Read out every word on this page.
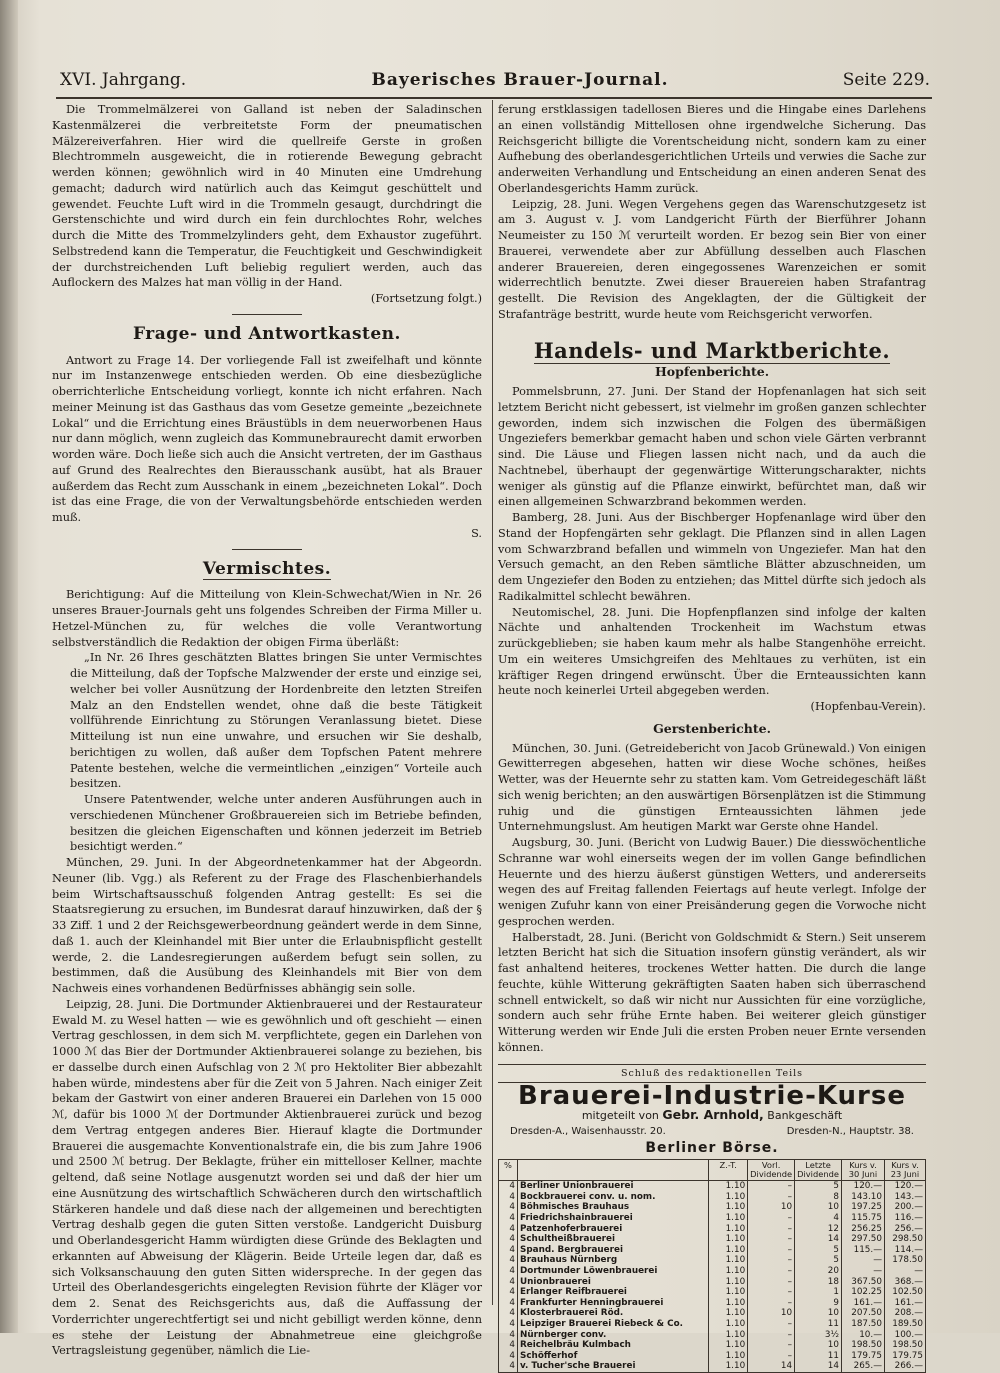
XVI. Jahrgang.	Bayerisches Brauer-Journal.	Seite 229.

Die Trommelmälzerei von Galland ist neben der Saladinschen Kastenmälzerei die verbreitetste Form der pneumatischen Mälzereiverfahren. Hier wird die quellreife Gerste in großen Blechtrommeln ausgeweicht, die in rotierende Bewegung gebracht werden können; gewöhnlich wird in 40 Minuten eine Umdrehung gemacht; dadurch wird natürlich auch das Keimgut geschüttelt und gewendet. Feuchte Luft wird in die Trommeln gesaugt, durchdringt die Gerstenschichte und wird durch ein fein durchlochtes Rohr, welches durch die Mitte des Trommelzylinders geht, dem Exhaustor zugeführt. Selbstredend kann die Temperatur, die Feuchtigkeit und Geschwindigkeit der durchstreichenden Luft beliebig reguliert werden, auch das Auflockern des Malzes hat man völlig in der Hand.

(Fortsetzung folgt.)

Frage- und Antwortkasten.

Antwort zu Frage 14. Der vorliegende Fall ist zweifelhaft und könnte nur im Instanzenwege entschieden werden. Ob eine diesbezügliche oberrichterliche Entscheidung vorliegt, konnte ich nicht erfahren. Nach meiner Meinung ist das Gasthaus das vom Gesetze gemeinte „bezeichnete Lokal“ und die Errichtung eines Bräustübls in dem neuerworbenen Haus nur dann möglich, wenn zugleich das Kommunebraurecht damit erworben worden wäre. Doch ließe sich auch die Ansicht vertreten, der im Gasthaus auf Grund des Realrechtes den Bierausschank ausübt, hat als Brauer außerdem das Recht zum Ausschank in einem „bezeichneten Lokal“. Doch ist das eine Frage, die von der Verwaltungsbehörde entschieden werden muß.

S.

Vermischtes.

Berichtigung: Auf die Mitteilung von Klein-Schwechat/Wien in Nr. 26 unseres Brauer-Journals geht uns folgendes Schreiben der Firma Miller u. Hetzel-München zu, für welches die volle Verantwortung selbstverständlich die Redaktion der obigen Firma überläßt:

„In Nr. 26 Ihres geschätzten Blattes bringen Sie unter Vermischtes die Mitteilung, daß der Topfsche Malzwender der erste und einzige sei, welcher bei voller Ausnützung der Hordenbreite den letzten Streifen Malz an den Endstellen wendet, ohne daß die beste Tätigkeit vollführende Einrichtung zu Störungen Veranlassung bietet. Diese Mitteilung ist nun eine unwahre, und ersuchen wir Sie deshalb, berichtigen zu wollen, daß außer dem Topfschen Patent mehrere Patente bestehen, welche die vermeintlichen „einzigen“ Vorteile auch besitzen.

Unsere Patentwender, welche unter anderen Ausführungen auch in verschiedenen Münchener Großbrauereien sich im Betriebe befinden, besitzen die gleichen Eigenschaften und können jederzeit im Betrieb besichtigt werden.“

München, 29. Juni. In der Abgeordnetenkammer hat der Abgeordn. Neuner (lib. Vgg.) als Referent zu der Frage des Flaschenbierhandels beim Wirtschaftsausschuß folgenden Antrag gestellt: Es sei die Staatsregierung zu ersuchen, im Bundesrat darauf hinzuwirken, daß der § 33 Ziff. 1 und 2 der Reichsgewerbeordnung geändert werde in dem Sinne, daß 1. auch der Kleinhandel mit Bier unter die Erlaubnispflicht gestellt werde, 2. die Landesregierungen außerdem befugt sein sollen, zu bestimmen, daß die Ausübung des Kleinhandels mit Bier von dem Nachweis eines vorhandenen Bedürfnisses abhängig sein solle.

Leipzig, 28. Juni. Die Dortmunder Aktienbrauerei und der Restaurateur Ewald M. zu Wesel hatten — wie es gewöhnlich und oft geschieht — einen Vertrag geschlossen, in dem sich M. verpflichtete, gegen ein Darlehen von 1000 ℳ das Bier der Dortmunder Aktienbrauerei solange zu beziehen, bis er dasselbe durch einen Aufschlag von 2 ℳ pro Hektoliter Bier abbezahlt haben würde, mindestens aber für die Zeit von 5 Jahren. Nach einiger Zeit bekam der Gastwirt von einer anderen Brauerei ein Darlehen von 15 000 ℳ, dafür bis 1000 ℳ der Dortmunder Aktienbrauerei zurück und bezog dem Vertrag entgegen anderes Bier. Hierauf klagte die Dortmunder Brauerei die ausgemachte Konventionalstrafe ein, die bis zum Jahre 1906 und 2500 ℳ betrug. Der Beklagte, früher ein mittelloser Kellner, machte geltend, daß seine Notlage ausgenutzt worden sei und daß der hier um eine Ausnützung des wirtschaftlich Schwächeren durch den wirtschaftlich Stärkeren handele und daß diese nach der allgemeinen und berechtigten Vertrag deshalb gegen die guten Sitten verstoße. Landgericht Duisburg und Oberlandesgericht Hamm würdigten diese Gründe des Beklagten und erkannten auf Abweisung der Klägerin. Beide Urteile legen dar, daß es sich Volksanschauung den guten Sitten widerspreche. In der gegen das Urteil des Oberlandesgerichts eingelegten Revision führte der Kläger vor dem 2. Senat des Reichsgerichts aus, daß die Auffassung der Vorderrichter ungerechtfertigt sei und nicht gebilligt werden könne, denn es stehe der Leistung der Abnahmetreue eine gleichgroße Vertragsleistung gegenüber, nämlich die Lie-

ferung erstklassigen tadellosen Bieres und die Hingabe eines Darlehens an einen vollständig Mittellosen ohne irgendwelche Sicherung. Das Reichsgericht billigte die Vorentscheidung nicht, sondern kam zu einer Aufhebung des oberlandesgerichtlichen Urteils und verwies die Sache zur anderweiten Verhandlung und Entscheidung an einen anderen Senat des Oberlandesgerichts Hamm zurück.

Leipzig, 28. Juni. Wegen Vergehens gegen das Warenschutzgesetz ist am 3. August v. J. vom Landgericht Fürth der Bierführer Johann Neumeister zu 150 ℳ verurteilt worden. Er bezog sein Bier von einer Brauerei, verwendete aber zur Abfüllung desselben auch Flaschen anderer Brauereien, deren eingegossenes Warenzeichen er somit widerrechtlich benutzte. Zwei dieser Brauereien haben Strafantrag gestellt. Die Revision des Angeklagten, der die Gültigkeit der Strafanträge bestritt, wurde heute vom Reichsgericht verworfen.

Handels- und Marktberichte.
Hopfenberichte.

Pommelsbrunn, 27. Juni. Der Stand der Hopfenanlagen hat sich seit letztem Bericht nicht gebessert, ist vielmehr im großen ganzen schlechter geworden, indem sich inzwischen die Folgen des übermäßigen Ungeziefers bemerkbar gemacht haben und schon viele Gärten verbrannt sind. Die Läuse und Fliegen lassen nicht nach, und da auch die Nachtnebel, überhaupt der gegenwärtige Witterungscharakter, nichts weniger als günstig auf die Pflanze einwirkt, befürchtet man, daß wir einen allgemeinen Schwarzbrand bekommen werden.

Bamberg, 28. Juni. Aus der Bischberger Hopfenanlage wird über den Stand der Hopfengärten sehr geklagt. Die Pflanzen sind in allen Lagen vom Schwarzbrand befallen und wimmeln von Ungeziefer. Man hat den Versuch gemacht, an den Reben sämtliche Blätter abzuschneiden, um dem Ungeziefer den Boden zu entziehen; das Mittel dürfte sich jedoch als Radikalmittel schlecht bewähren.

Neutomischel, 28. Juni. Die Hopfenpflanzen sind infolge der kalten Nächte und anhaltenden Trockenheit im Wachstum etwas zurückgeblieben; sie haben kaum mehr als halbe Stangenhöhe erreicht. Um ein weiteres Umsichgreifen des Mehltaues zu verhüten, ist ein kräftiger Regen dringend erwünscht. Über die Ernteaussichten kann heute noch keinerlei Urteil abgegeben werden.

(Hopfenbau-Verein).

Gerstenberichte.

München, 30. Juni. (Getreidebericht von Jacob Grünewald.) Von einigen Gewitterregen abgesehen, hatten wir diese Woche schönes, heißes Wetter, was der Heuernte sehr zu statten kam. Vom Getreidegeschäft läßt sich wenig berichten; an den auswärtigen Börsenplätzen ist die Stimmung ruhig und die günstigen Ernteaussichten lähmen jede Unternehmungslust. Am heutigen Markt war Gerste ohne Handel.

Augsburg, 30. Juni. (Bericht von Ludwig Bauer.) Die diesswöchentliche Schranne war wohl einerseits wegen der im vollen Gange befindlichen Heuernte und des hierzu äußerst günstigen Wetters, und andererseits wegen des auf Freitag fallenden Feiertags auf heute verlegt. Infolge der wenigen Zufuhr kann von einer Preisänderung gegen die Vorwoche nicht gesprochen werden.

Halberstadt, 28. Juni. (Bericht von Goldschmidt & Stern.) Seit unserem letzten Bericht hat sich die Situation insofern günstig verändert, als wir fast anhaltend heiteres, trockenes Wetter hatten. Die durch die lange feuchte, kühle Witterung gekräftigten Saaten haben sich überraschend schnell entwickelt, so daß wir nicht nur Aussichten für eine vorzügliche, sondern auch sehr frühe Ernte haben. Bei weiterer gleich günstiger Witterung werden wir Ende Juli die ersten Proben neuer Ernte versenden können.

Schluß des redaktionellen Teils
Brauerei-Industrie-Kurse
mitgeteilt von Gebr. Arnhold, Bankgeschäft
Dresden-A., Waisenhausstr. 20.	Dresden-N., Hauptstr. 38.
Berliner Börse.
%		Z.-T.	Vorl. Dividende	Letzte Dividende	Kurs v. 30 Juni	Kurs v. 23 Juni
4	Berliner Unionbrauerei	1.10	–	5	120.—	120.—
4	Bockbrauerei conv. u. nom.	1.10	–	8	143.10	143.—
4	Böhmisches Brauhaus	1.10	10	10	197.25	200.—
4	Friedrichshainbrauerei	1.10	–	4	115.75	116.—
4	Patzenhoferbrauerei	1.10	–	12	256.25	256.—
4	Schultheißbrauerei	1.10	–	14	297.50	298.50
4	Spand. Bergbrauerei	1.10	–	5	115.—	114.—
4	Brauhaus Nürnberg	1.10	–	5	—	178.50
4	Dortmunder Löwenbrauerei	1.10	–	20	—	—
4	Unionbrauerei	1.10	–	18	367.50	368.—
4	Erlanger Reifbrauerei	1.10	–	1	102.25	102.50
4	Frankfurter Henningbrauerei	1.10	–	9	161.—	161.—
4	Klosterbrauerei Röd.	1.10	10	10	207.50	208.—
4	Leipziger Brauerei Riebeck & Co.	1.10	–	11	187.50	189.50
4	Nürnberger conv.	1.10	–	3½	10.—	100.—
4	Reichelbräu Kulmbach	1.10	–	10	198.50	198.50
4	Schöfferhof	1.10	–	11	179.75	179.75
4	v. Tucher'sche Brauerei	1.10	14	14	265.—	266.—
